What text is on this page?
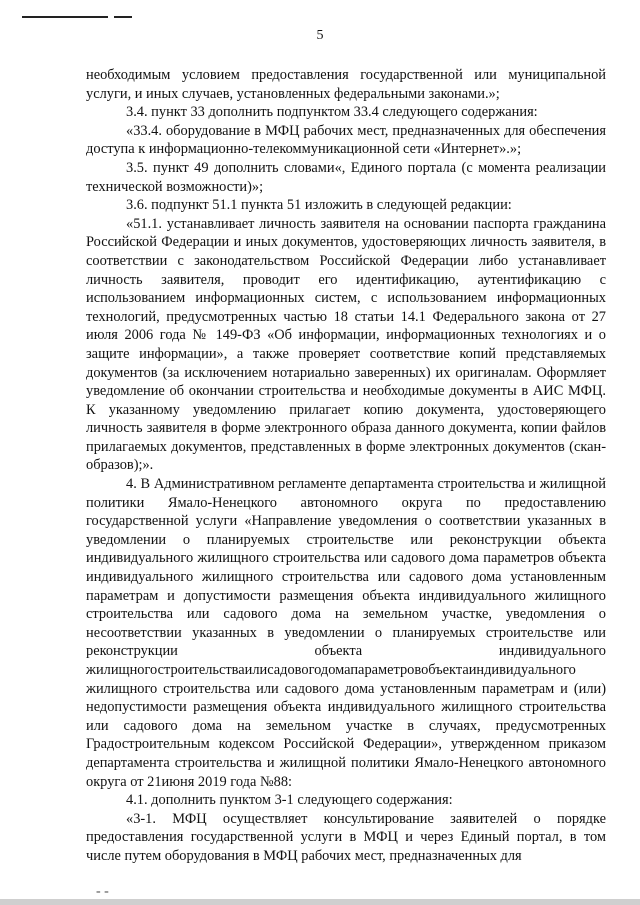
5

необходимым условием предоставления государственной или муниципальной услуги, и иных случаев, установленных федеральными законами.»;

3.4. пункт 33 дополнить подпунктом 33.4 следующего содержания:

«33.4. оборудование в МФЦ рабочих мест, предназначенных для обеспечения доступа к информационно-телекоммуникационной сети «Интернет».»;

3.5. пункт 49 дополнить словами«, Единого портала (с момента реализации технической возможности)»;

3.6. подпункт 51.1 пункта 51 изложить в следующей редакции:

«51.1. устанавливает личность заявителя на основании паспорта гражданина Российской Федерации и иных документов, удостоверяющих личность заявителя, в соответствии с законодательством Российской Федерации либо устанавливает личность заявителя, проводит его идентификацию, аутентификацию с использованием информационных систем, с использованием информационных технологий, предусмотренных частью 18 статьи 14.1 Федерального закона от 27 июля 2006 года № 149-ФЗ «Об информации, информационных технологиях и о защите информации», а также проверяет соответствие копий представляемых документов (за исключением нотариально заверенных) их оригиналам. Оформляет уведомление об окончании строительства и необходимые документы в АИС МФЦ. К указанному уведомлению прилагает копию документа, удостоверяющего личность заявителя в форме электронного образа данного документа, копии файлов прилагаемых документов, представленных в форме электронных документов (скан-образов);».

4. В Административном регламенте департамента строительства и жилищной политики Ямало-Ненецкого автономного округа по предоставлению государственной услуги «Направление уведомления о соответствии указанных в уведомлении о планируемых строительстве или реконструкции объекта индивидуального жилищного строительства или садового дома параметров объекта индивидуального жилищного строительства или садового дома установленным параметрам и допустимости размещения объекта индивидуального жилищного строительства или садового дома на земельном участке, уведомления о несоответствии указанных в уведомлении о планируемых строительстве или реконструкции объекта индивидуального жилищногостроительстваилисадовогодомапараметровобъектаиндивидуального жилищного строительства или садового дома установленным параметрам и (или) недопустимости размещения объекта индивидуального жилищного строительства или садового дома на земельном участке в случаях, предусмотренных Градостроительным кодексом Российской Федерации», утвержденном приказом департамента строительства и жилищной политики Ямало-Ненецкого автономного округа от 21июня 2019 года №88:

4.1. дополнить пунктом 3-1 следующего содержания:

«3-1. МФЦ осуществляет консультирование заявителей о порядке предоставления государственной услуги в МФЦ и через Единый портал, в том числе путем оборудования в МФЦ рабочих мест, предназначенных для

- -
